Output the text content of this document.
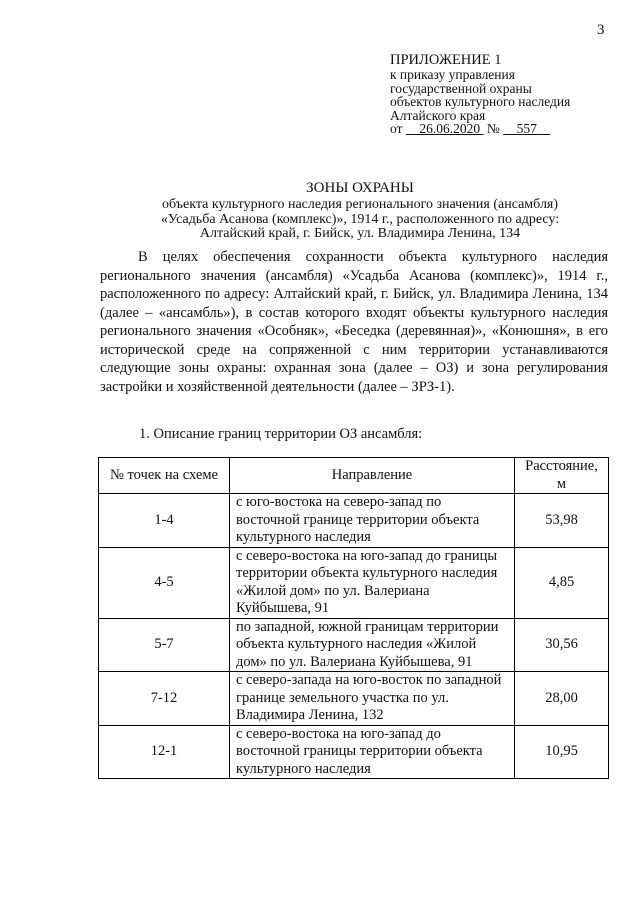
3
ПРИЛОЖЕНИЕ 1
к приказу управления
государственной охраны
объектов культурного наследия
Алтайского края
от 26.06.2020 № 557
ЗОНЫ ОХРАНЫ
объекта культурного наследия регионального значения (ансамбля)
«Усадьба Асанова (комплекс)», 1914 г., расположенного по адресу:
Алтайский край, г. Бийск, ул. Владимира Ленина, 134

В целях обеспечения сохранности объекта культурного наследия регионального значения (ансамбля) «Усадьба Асанова (комплекс)», 1914 г., расположенного по адресу: Алтайский край, г. Бийск, ул. Владимира Ленина, 134 (далее – «ансамбль»), в состав которого входят объекты культурного наследия регионального значения «Особняк», «Беседка (деревянная)», «Конюшня», в его исторической среде на сопряженной с ним территории устанавливаются следующие зоны охраны: охранная зона (далее – ОЗ) и зона регулирования застройки и хозяйственной деятельности (далее – ЗРЗ-1).

1. Описание границ территории ОЗ ансамбля:
№ точек на схеме	Направление	Расстояние, м
1-4	с юго-востока на северо-запад по восточной границе территории объекта культурного наследия	53,98
4-5	с северо-востока на юго-запад до границы территории объекта культурного наследия «Жилой дом» по ул. Валериана Куйбышева, 91	4,85
5-7	по западной, южной границам территории объекта культурного наследия «Жилой дом» по ул. Валериана Куйбышева, 91	30,56
7-12	с северо-запада на юго-восток по западной границе земельного участка по ул. Владимира Ленина, 132	28,00
12-1	с северо-востока на юго-запад до восточной границы территории объекта культурного наследия	10,95
